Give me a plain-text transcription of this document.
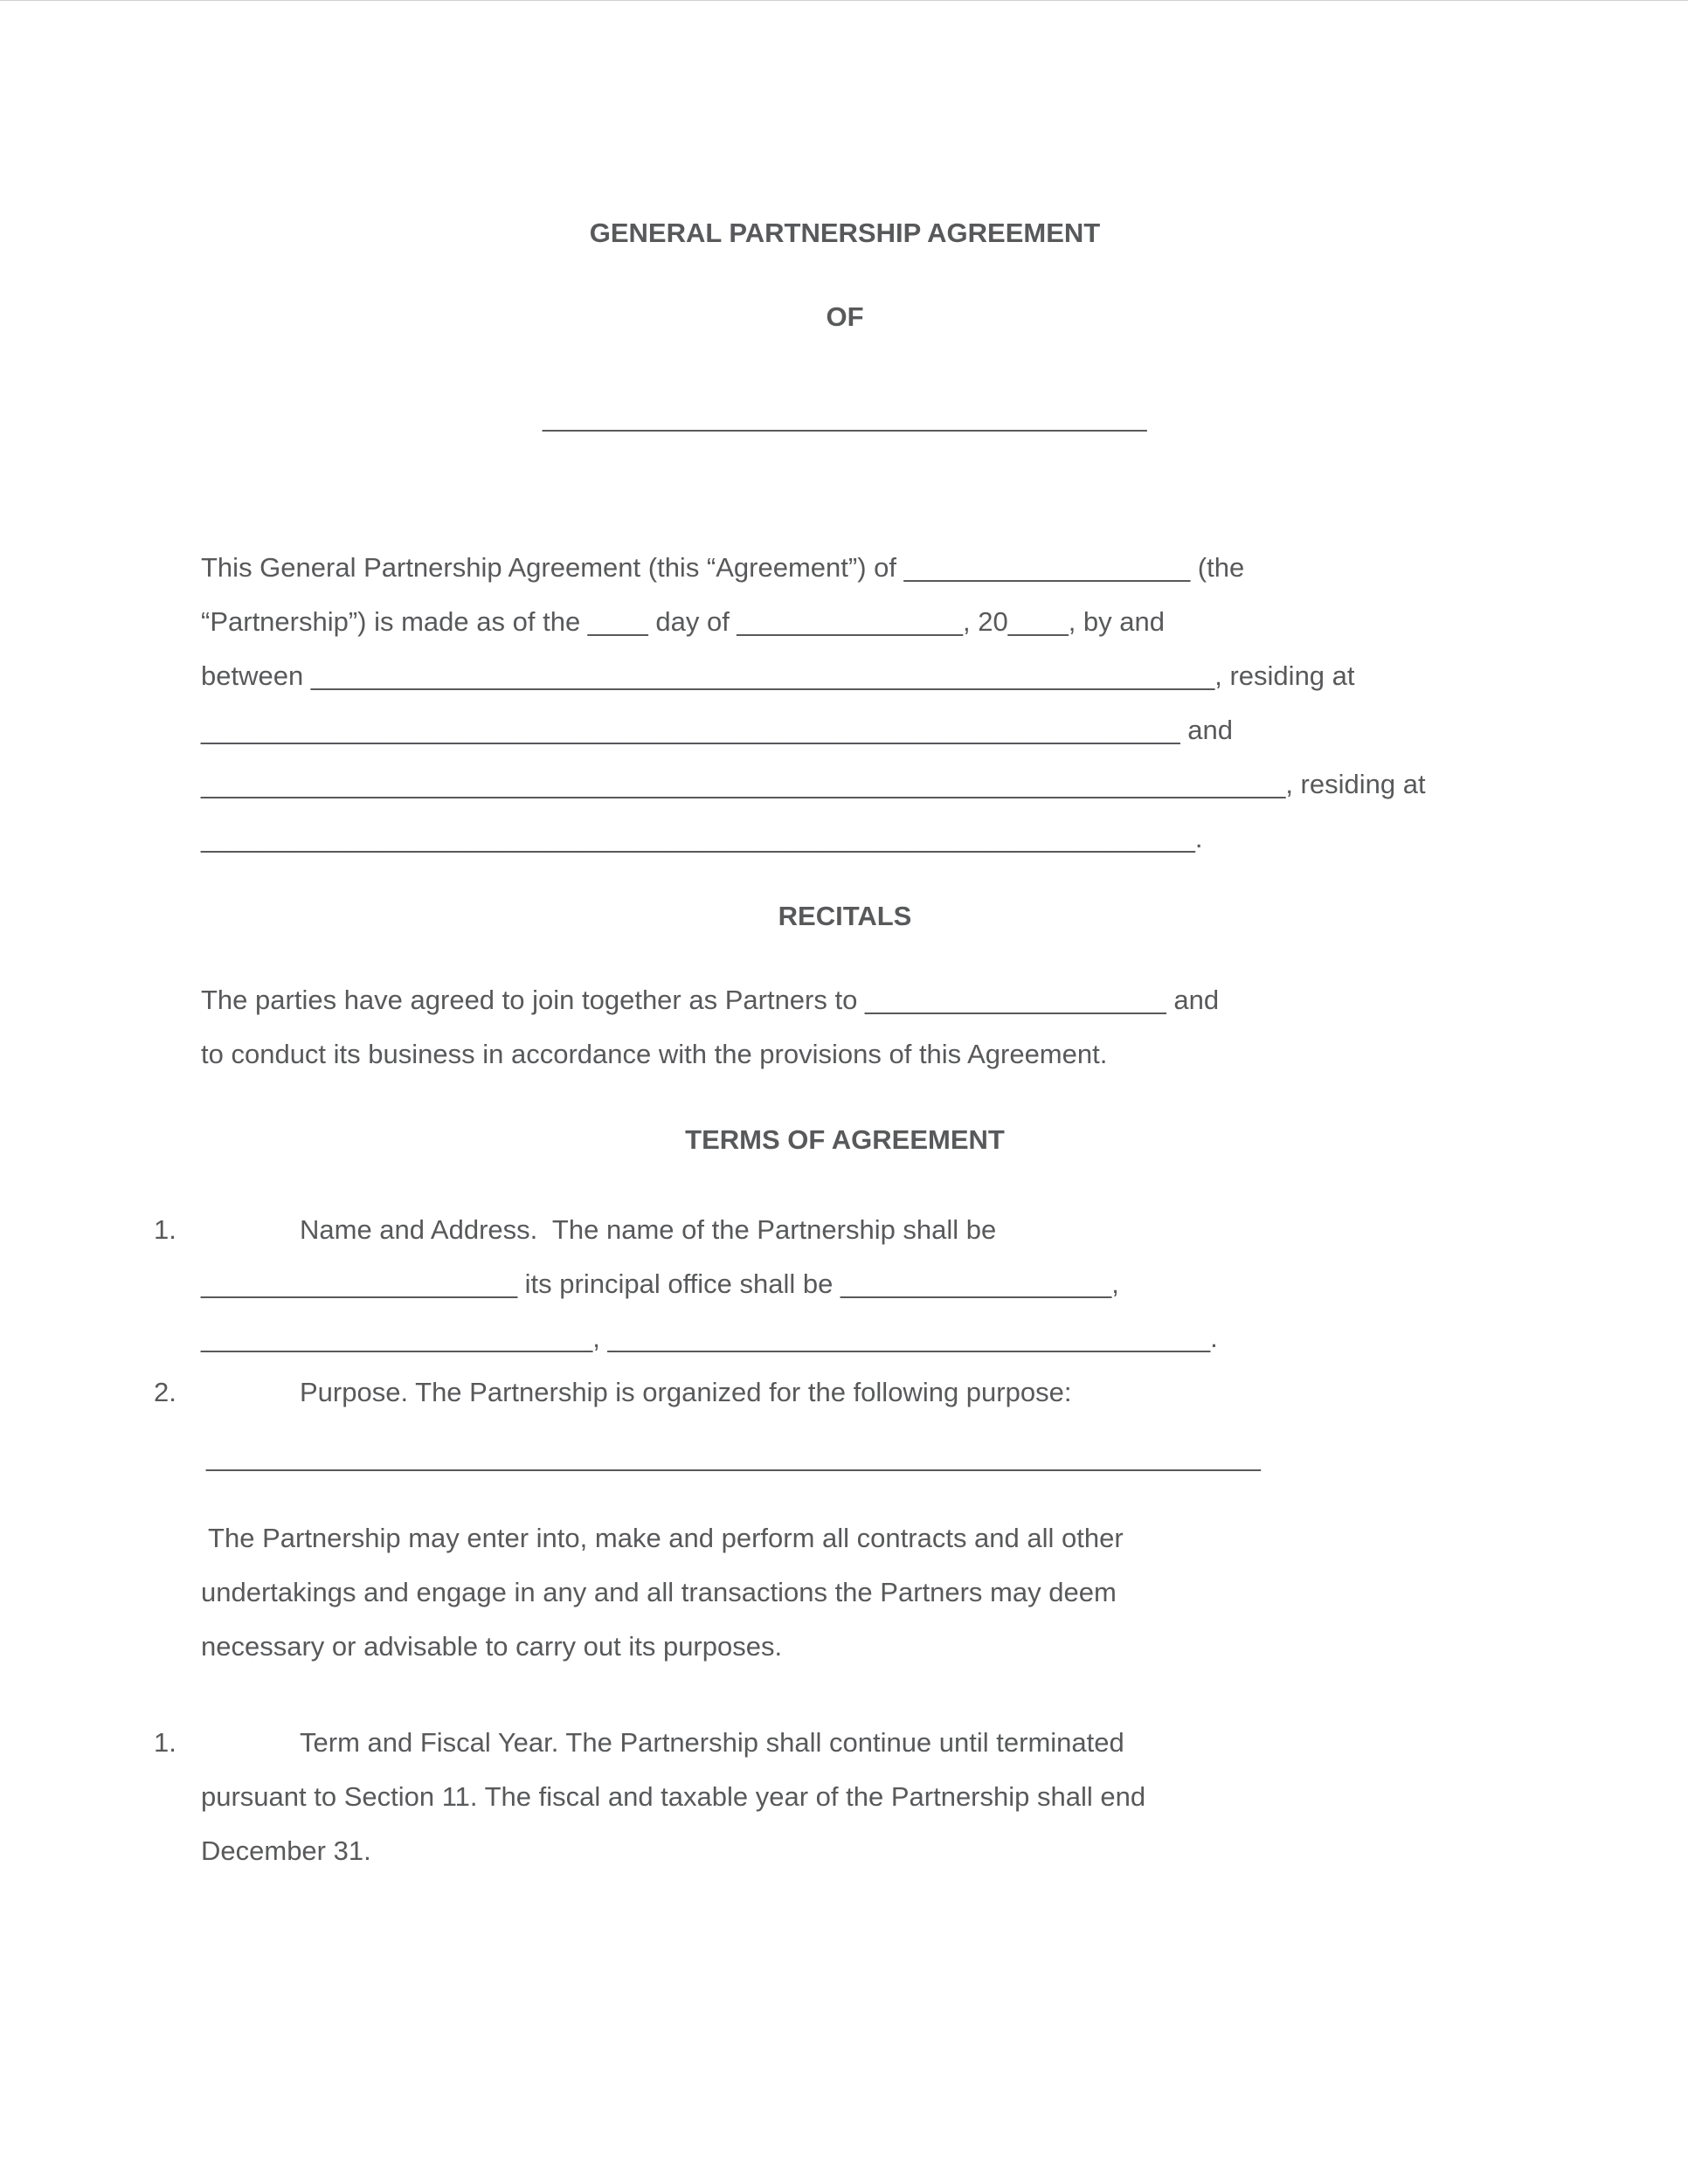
GENERAL PARTNERSHIP AGREEMENT
OF
_______________________________________
This General Partnership Agreement (this “Agreement”) of ___________________ (the
“Partnership”) is made as of the ____ day of _______________, 20____, by and
between ____________________________________________________________, residing at
_________________________________________________________________ and
________________________________________________________________________, residing at
__________________________________________________________________.
RECITALS
The parties have agreed to join together as Partners to ____________________ and
to conduct its business in accordance with the provisions of this Agreement.
TERMS OF AGREEMENT
1.	Name and Address.  The name of the Partnership shall be
_____________________ its principal office shall be __________________,
__________________________, ________________________________________.
2.	Purpose. The Partnership is organized for the following purpose:
______________________________________________________________________
The Partnership may enter into, make and perform all contracts and all other
undertakings and engage in any and all transactions the Partners may deem
necessary or advisable to carry out its purposes.
1.	Term and Fiscal Year. The Partnership shall continue until terminated
pursuant to Section 11. The fiscal and taxable year of the Partnership shall end
December 31.
